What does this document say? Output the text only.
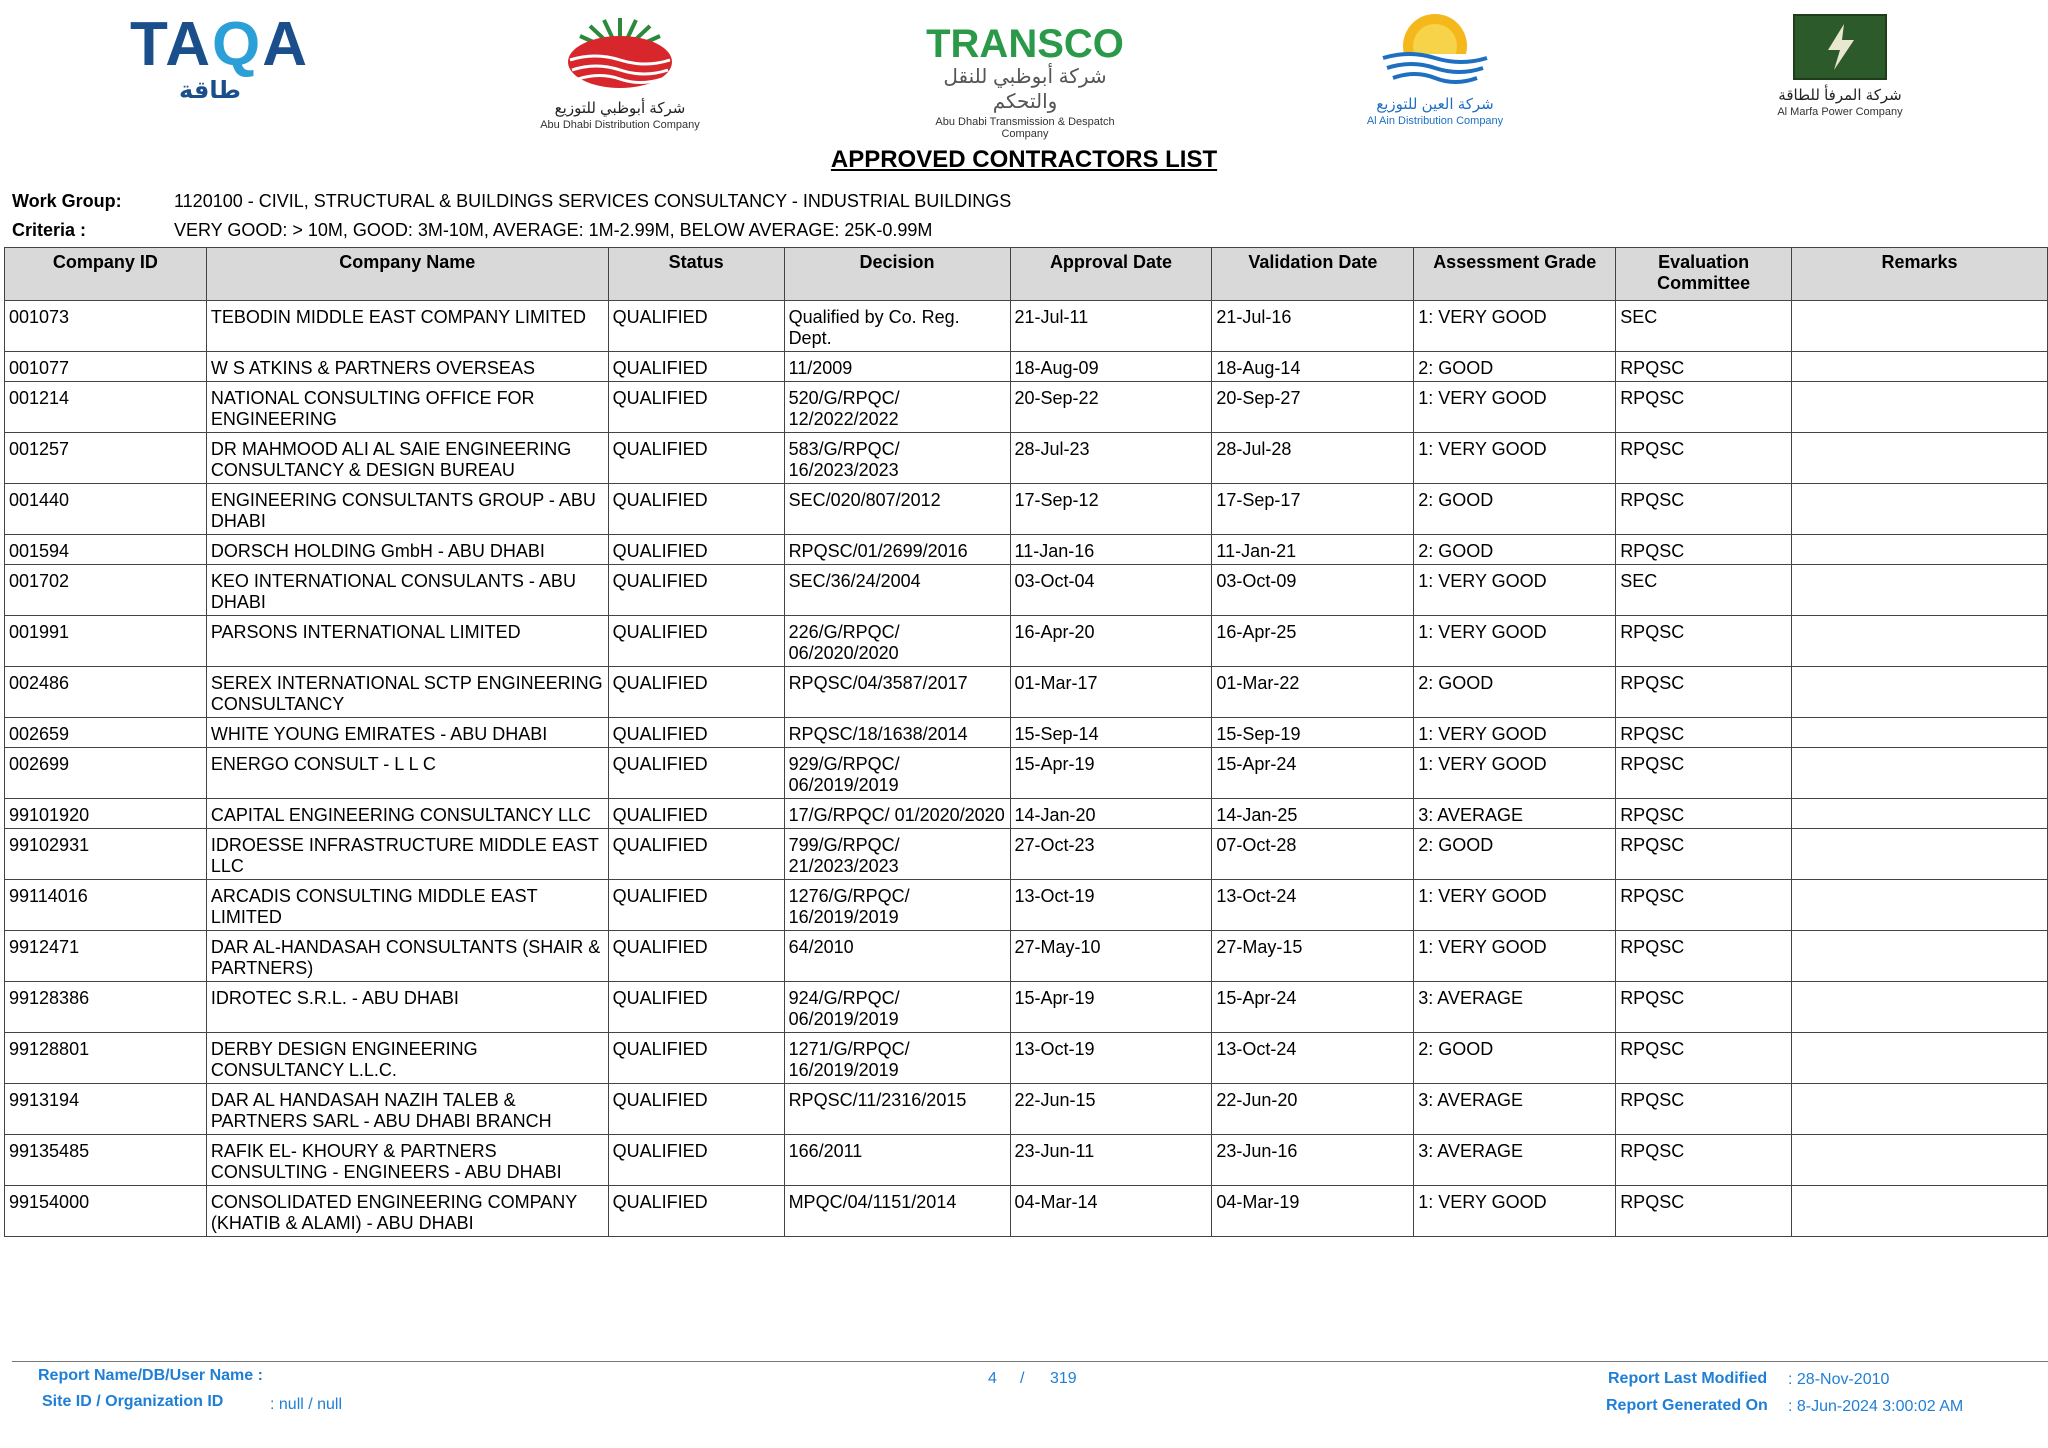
TAQA
طاقة
شركة أبوظبي للتوزيع
Abu Dhabi Distribution Company
TRANSCO
شركة أبوظبي للنقل والتحكم
Abu Dhabi Transmission & Despatch Company
شركة العين للتوزيع
Al Ain Distribution Company
شركة المرفأ للطاقة
Al Marfa Power Company
APPROVED CONTRACTORS LIST
Work Group:	1120100 - CIVIL, STRUCTURAL & BUILDINGS SERVICES CONSULTANCY - INDUSTRIAL BUILDINGS
Criteria :	VERY GOOD: > 10M, GOOD: 3M-10M, AVERAGE: 1M-2.99M, BELOW AVERAGE: 25K-0.99M
Company ID	Company Name	Status	Decision	Approval Date	Validation Date	Assessment Grade	Evaluation Committee	Remarks
001073	TEBODIN MIDDLE EAST COMPANY LIMITED	QUALIFIED	Qualified by Co. Reg. Dept.	21-Jul-11	21-Jul-16	1: VERY GOOD	SEC	
001077	W S ATKINS & PARTNERS OVERSEAS	QUALIFIED	11/2009	18-Aug-09	18-Aug-14	2: GOOD	RPQSC	
001214	NATIONAL CONSULTING OFFICE FOR ENGINEERING	QUALIFIED	520/G/RPQC/ 12/2022/2022	20-Sep-22	20-Sep-27	1: VERY GOOD	RPQSC	
001257	DR MAHMOOD ALI AL SAIE ENGINEERING CONSULTANCY & DESIGN BUREAU	QUALIFIED	583/G/RPQC/ 16/2023/2023	28-Jul-23	28-Jul-28	1: VERY GOOD	RPQSC	
001440	ENGINEERING CONSULTANTS GROUP - ABU DHABI	QUALIFIED	SEC/020/807/2012	17-Sep-12	17-Sep-17	2: GOOD	RPQSC	
001594	DORSCH HOLDING GmbH - ABU DHABI	QUALIFIED	RPQSC/01/2699/2016	11-Jan-16	11-Jan-21	2: GOOD	RPQSC	
001702	KEO INTERNATIONAL CONSULANTS - ABU DHABI	QUALIFIED	SEC/36/24/2004	03-Oct-04	03-Oct-09	1: VERY GOOD	SEC	
001991	PARSONS INTERNATIONAL LIMITED	QUALIFIED	226/G/RPQC/ 06/2020/2020	16-Apr-20	16-Apr-25	1: VERY GOOD	RPQSC	
002486	SEREX INTERNATIONAL SCTP ENGINEERING CONSULTANCY	QUALIFIED	RPQSC/04/3587/2017	01-Mar-17	01-Mar-22	2: GOOD	RPQSC	
002659	WHITE YOUNG EMIRATES - ABU DHABI	QUALIFIED	RPQSC/18/1638/2014	15-Sep-14	15-Sep-19	1: VERY GOOD	RPQSC	
002699	ENERGO CONSULT - L L C	QUALIFIED	929/G/RPQC/ 06/2019/2019	15-Apr-19	15-Apr-24	1: VERY GOOD	RPQSC	
99101920	CAPITAL ENGINEERING CONSULTANCY LLC	QUALIFIED	17/G/RPQC/ 01/2020/2020	14-Jan-20	14-Jan-25	3: AVERAGE	RPQSC	
99102931	IDROESSE INFRASTRUCTURE MIDDLE EAST LLC	QUALIFIED	799/G/RPQC/ 21/2023/2023	27-Oct-23	07-Oct-28	2: GOOD	RPQSC	
99114016	ARCADIS CONSULTING MIDDLE EAST LIMITED	QUALIFIED	1276/G/RPQC/ 16/2019/2019	13-Oct-19	13-Oct-24	1: VERY GOOD	RPQSC	
9912471	DAR AL-HANDASAH CONSULTANTS (SHAIR & PARTNERS)	QUALIFIED	64/2010	27-May-10	27-May-15	1: VERY GOOD	RPQSC	
99128386	IDROTEC S.R.L. - ABU DHABI	QUALIFIED	924/G/RPQC/ 06/2019/2019	15-Apr-19	15-Apr-24	3: AVERAGE	RPQSC	
99128801	DERBY DESIGN ENGINEERING CONSULTANCY L.L.C.	QUALIFIED	1271/G/RPQC/ 16/2019/2019	13-Oct-19	13-Oct-24	2: GOOD	RPQSC	
9913194	DAR AL HANDASAH NAZIH TALEB & PARTNERS SARL - ABU DHABI BRANCH	QUALIFIED	RPQSC/11/2316/2015	22-Jun-15	22-Jun-20	3: AVERAGE	RPQSC	
99135485	RAFIK EL- KHOURY & PARTNERS CONSULTING - ENGINEERS - ABU DHABI	QUALIFIED	166/2011	23-Jun-11	23-Jun-16	3: AVERAGE	RPQSC	
99154000	CONSOLIDATED ENGINEERING COMPANY (KHATIB & ALAMI) - ABU DHABI	QUALIFIED	MPQC/04/1151/2014	04-Mar-14	04-Mar-19	1: VERY GOOD	RPQSC	
Report Name/DB/User Name :
Site ID / Organization ID	: null / null
4 / 319	Report Last Modified : 28-Nov-2010
Report Generated On : 8-Jun-2024 3:00:02 AM
